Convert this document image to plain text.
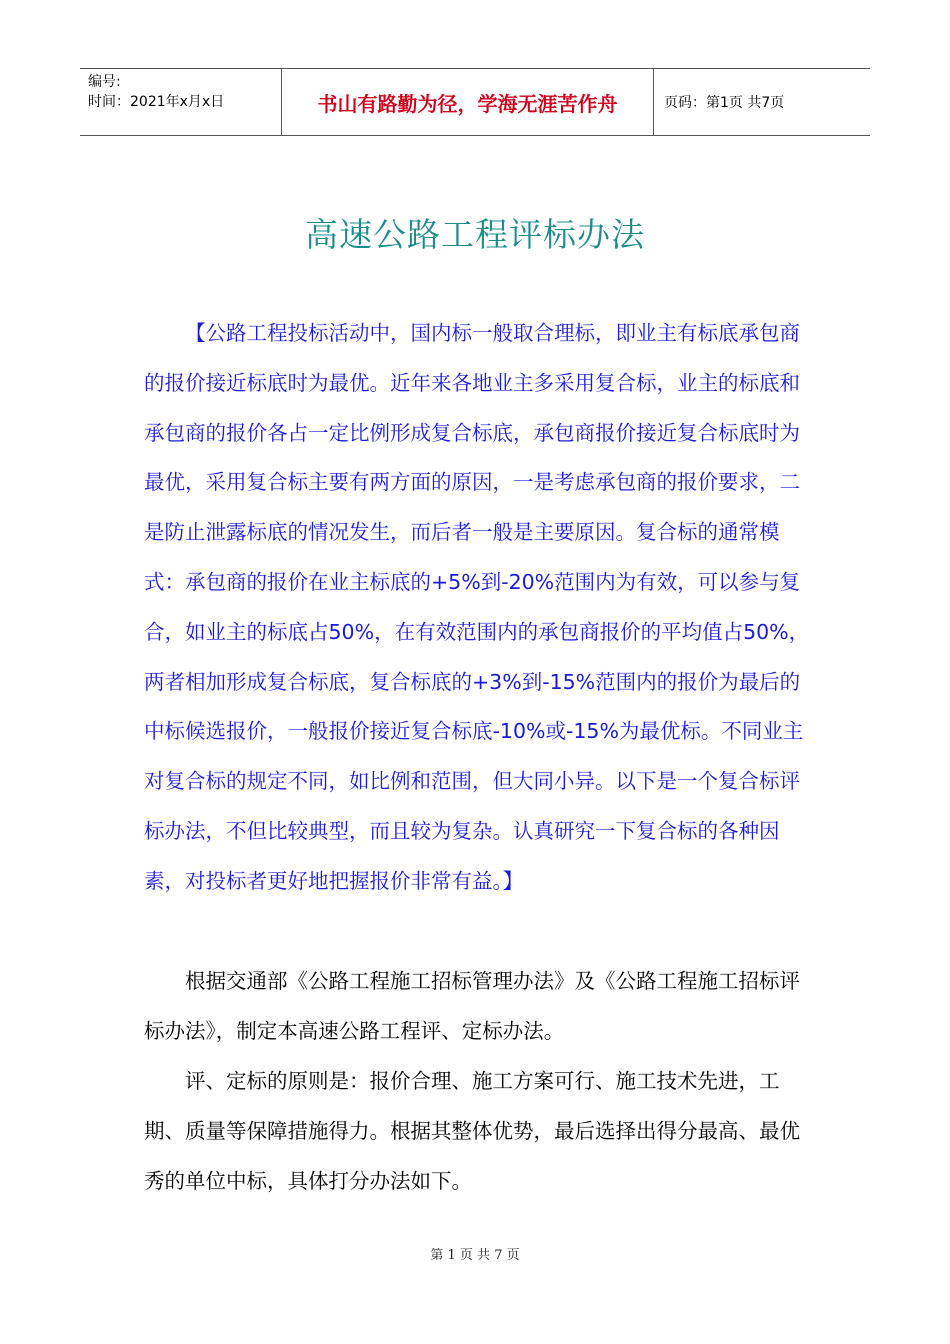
编号:
时间：2021年x月x日	书山有路勤为径，学海无涯苦作舟	页码：第1页 共7页
高速公路工程评标办法

【公路工程投标活动中，国内标一般取合理标，即业主有标底承包商的报价接近标底时为最优。近年来各地业主多采用复合标，业主的标底和承包商的报价各占一定比例形成复合标底，承包商报价接近复合标底时为最优，采用复合标主要有两方面的原因，一是考虑承包商的报价要求，二是防止泄露标底的情况发生，而后者一般是主要原因。复合标的通常模式：承包商的报价在业主标底的+5%到-20%范围内为有效，可以参与复合，如业主的标底占50%，在有效范围内的承包商报价的平均值占50%，两者相加形成复合标底，复合标底的+3%到-15%范围内的报价为最后的中标候选报价，一般报价接近复合标底-10%或-15%为最优标。不同业主对复合标的规定不同，如比例和范围，但大同小异。以下是一个复合标评标办法，不但比较典型，而且较为复杂。认真研究一下复合标的各种因素，对投标者更好地把握报价非常有益。】

根据交通部《公路工程施工招标管理办法》及《公路工程施工招标评标办法》，制定本高速公路工程评、定标办法。

评、定标的原则是：报价合理、施工方案可行、施工技术先进，工期、质量等保障措施得力。根据其整体优势，最后选择出得分最高、最优秀的单位中标，具体打分办法如下。

第 1 页 共 7 页
